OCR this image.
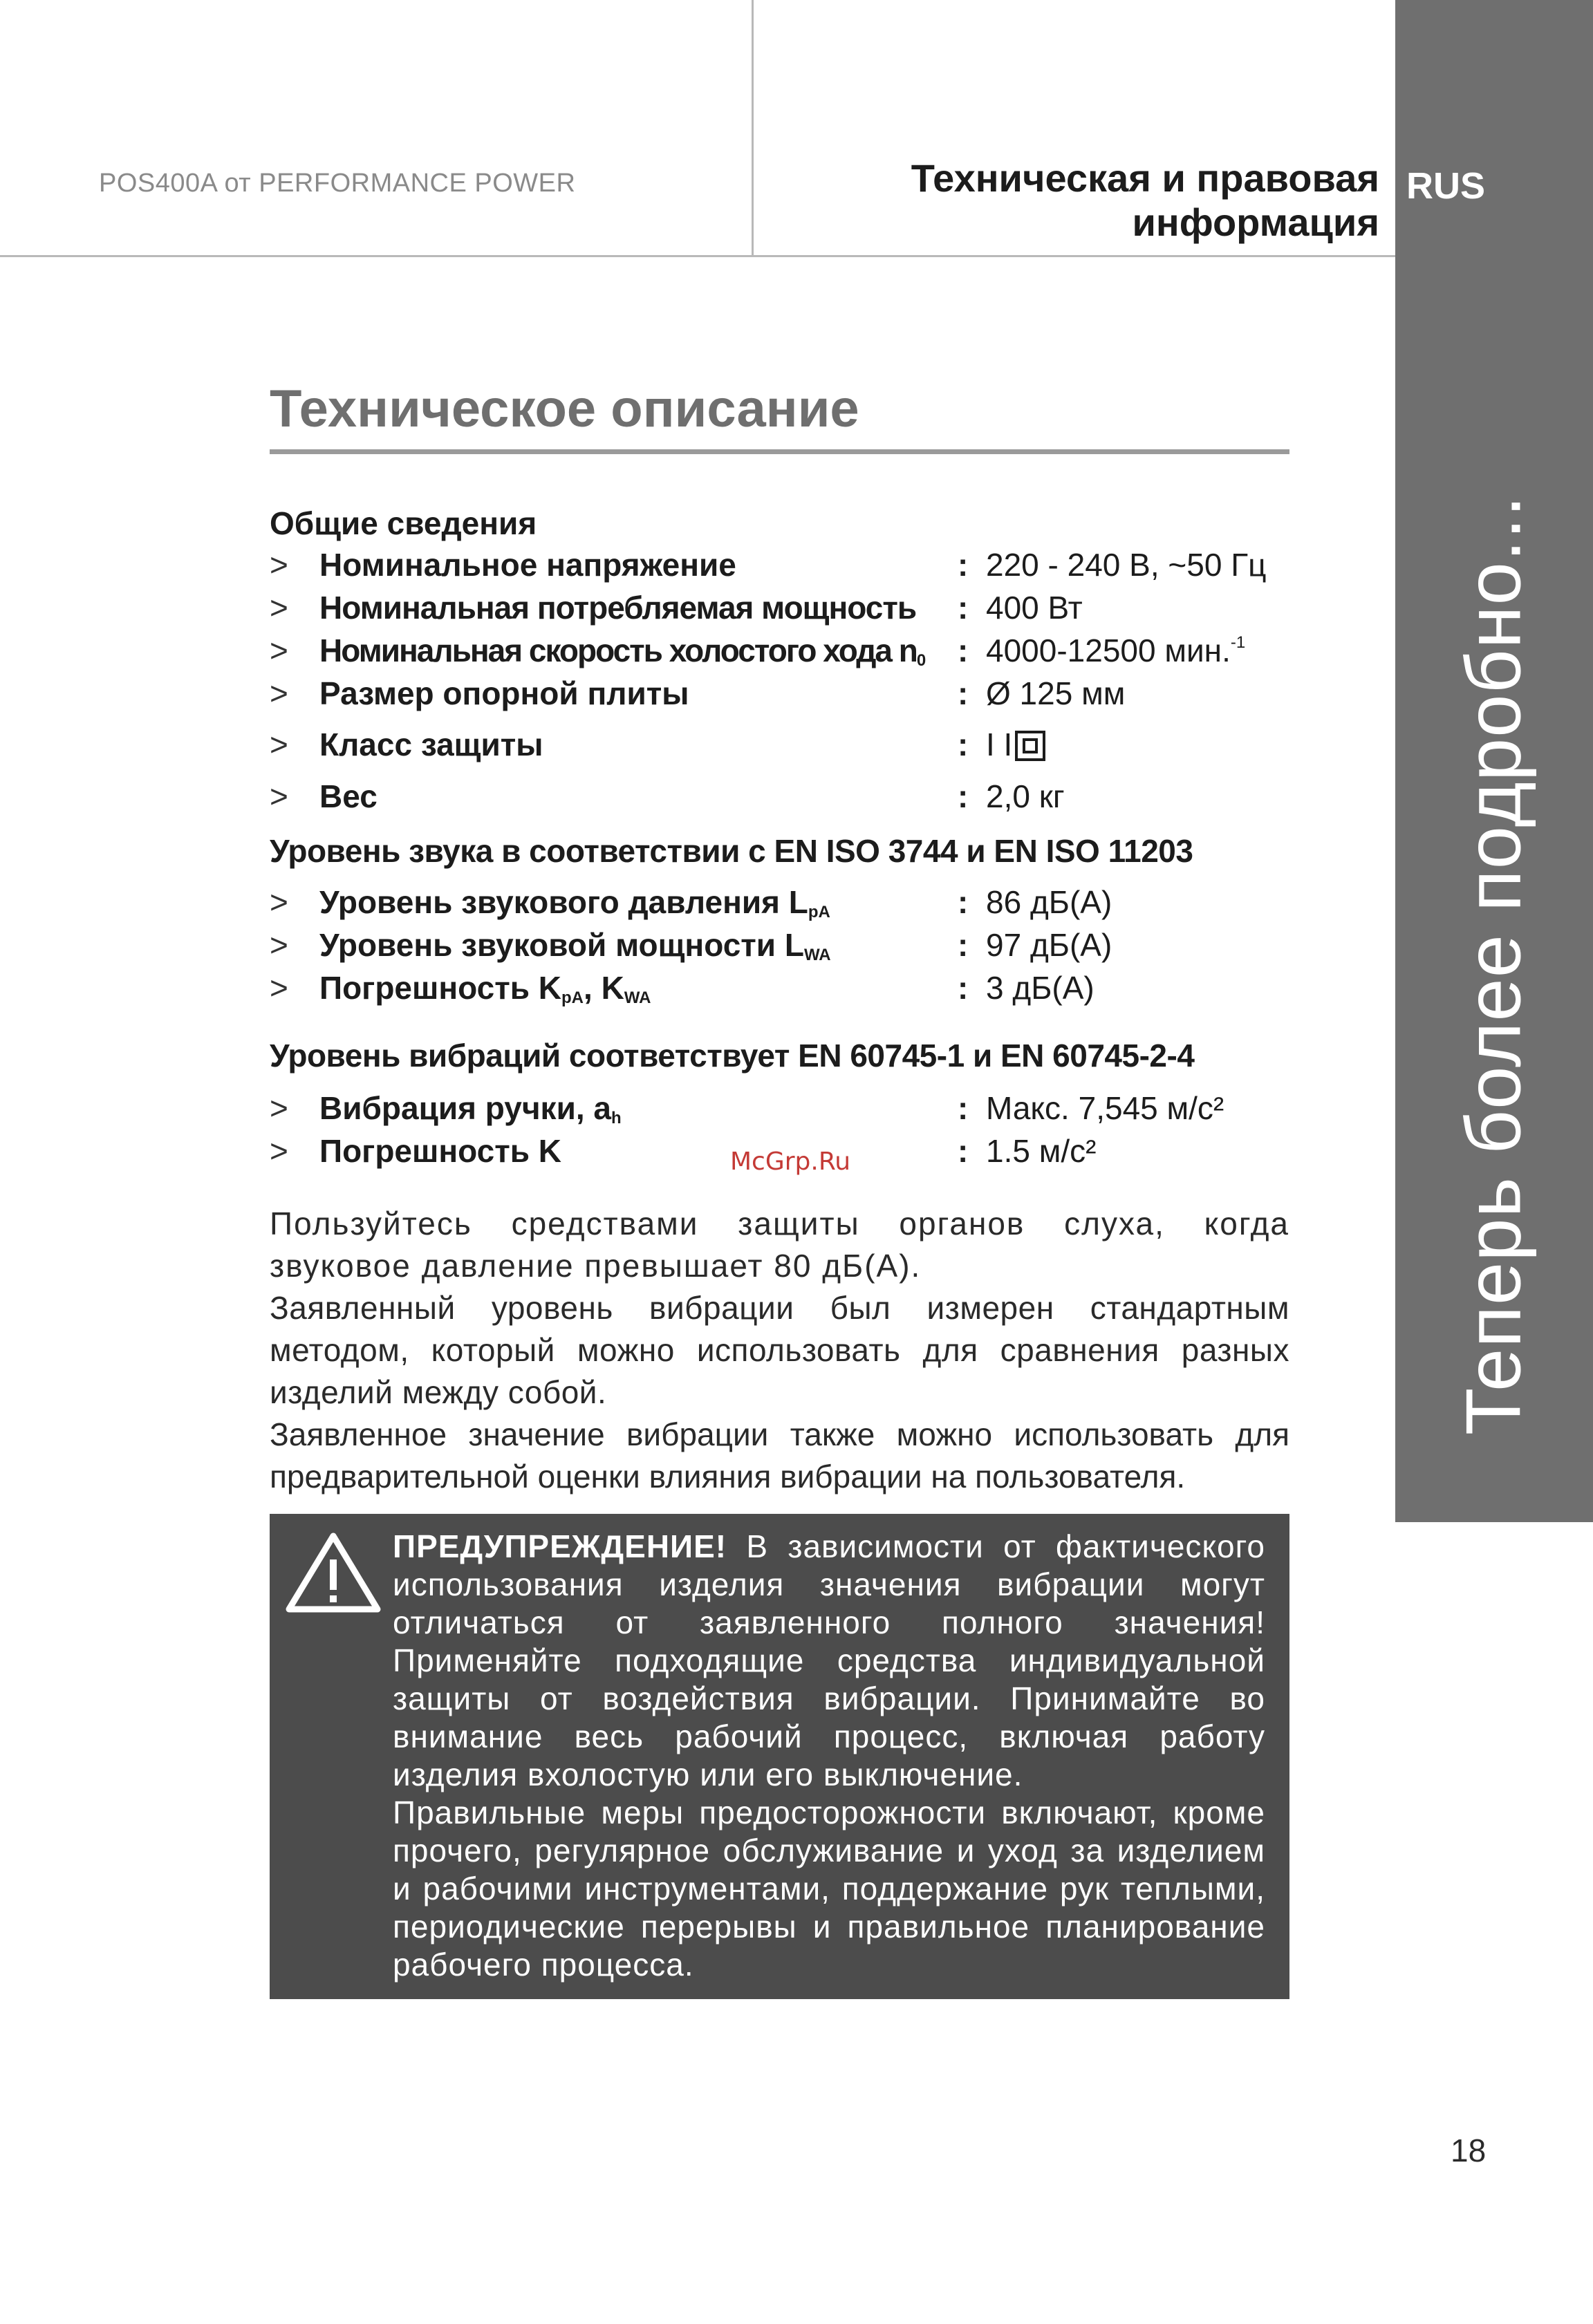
POS400A от PERFORMANCE POWER	Техническая и правовая
информация
RUS
Теперь более подробно...
Техническое описание
Общие сведения
> Номинальное напряжение	: 220 - 240 В, ~50 Гц
> Номинальная потребляемая мощность : 400 Вт
> Номинальная скорость холостого хода $n_0$ : 4000-12500 мин.$^{-1}$
> Размер опорной плиты	: Ø 125 мм
> Класс защиты	: I I
> Вес	: 2,0 кг
Уровень звука в соответствии с EN ISO 3744 и EN ISO 11203
> Уровень звукового давления $L_{pA}$	: 86 дБ(A)
> Уровень звуковой мощности $L_{WA}$	: 97 дБ(A)
> Погрешность $K_{pA}$, $K_{WA}$	: 3 дБ(A)
Уровень вибраций соответствует EN 60745-1 и EN 60745-2-4
> Вибрация ручки, $a_h$	: Макс. 7,545 м/с²
> Погрешность K	: 1.5 м/с²
McGrp.Ru
Пользуйтесь средствами защиты органов слуха, когда звуковое давление превышает 80 дБ(А).
Заявленный уровень вибрации был измерен стандартным методом, который можно использовать для сравнения разных изделий между собой.
Заявленное значение вибрации также можно использовать для предварительной оценки влияния вибрации на пользователя.
ПРЕДУПРЕЖДЕНИЕ! В зависимости от фактического использования изделия значения вибрации могут отличаться от заявленного полного значения! Применяйте подходящие средства индивидуальной защиты от воздействия вибрации. Принимайте во внимание весь рабочий процесс, включая работу изделия вхолостую или его выключение.
Правильные меры предосторожности включают, кроме прочего, регулярное обслуживание и уход за изделием и рабочими инструментами, поддержание рук теплыми, периодические перерывы и правильное планирование рабочего процесса.
18
